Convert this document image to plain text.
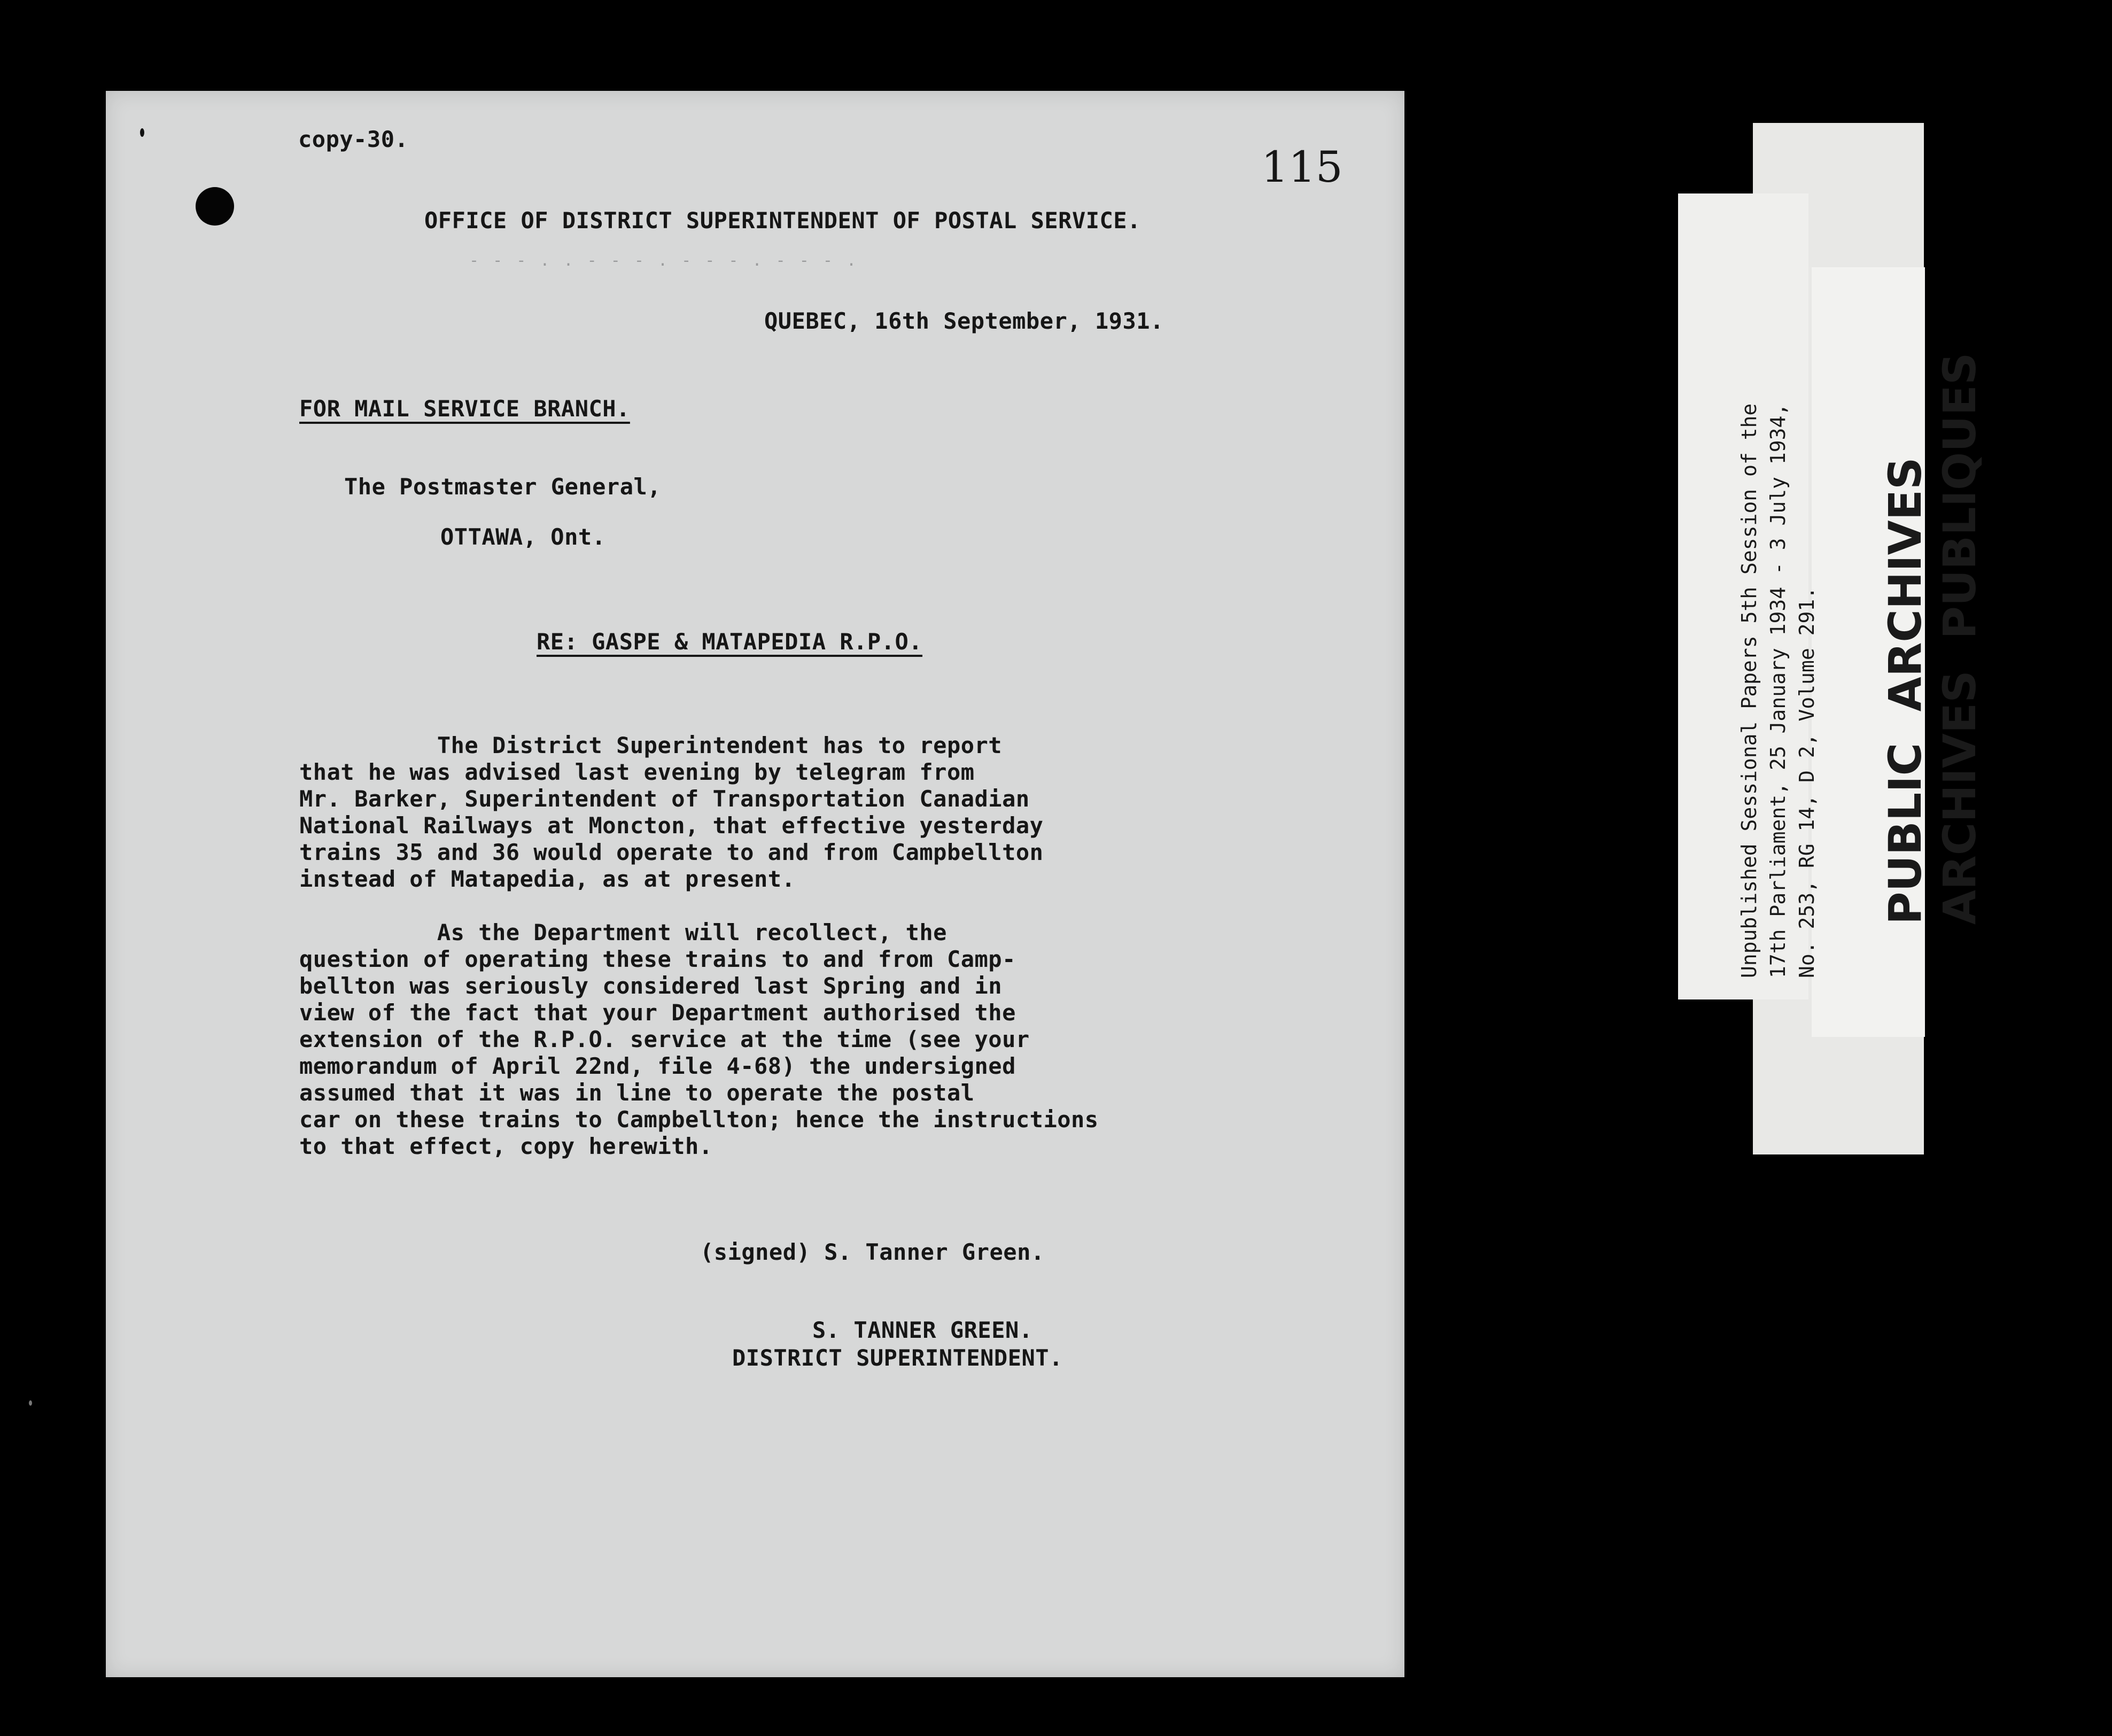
copy-30.
115
OFFICE OF DISTRICT SUPERINTENDENT OF POSTAL SERVICE.
- - - . . - - - . - - - . - - - .
QUEBEC, 16th September, 1931.
FOR MAIL SERVICE BRANCH.
The Postmaster General,
OTTAWA, Ont.
RE: GASPE & MATAPEDIA R.P.O.

The District Superintendent has to report
that he was advised last evening by telegram from
Mr. Barker, Superintendent of Transportation Canadian
National Railways at Moncton, that effective yesterday
trains 35 and 36 would operate to and from Campbellton
instead of Matapedia, as at present.

As the Department will recollect, the
question of operating these trains to and from Camp-
bellton was seriously considered last Spring and in
view of the fact that your Department authorised the
extension of the R.P.O. service at the time (see your
memorandum of April 22nd, file 4-68) the undersigned
assumed that it was in line to operate the postal
car on these trains to Campbellton; hence the instructions
to that effect, copy herewith.
(signed) S. Tanner Green.
S. TANNER GREEN.
DISTRICT SUPERINTENDENT.

Unpublished Sessional Papers 5th Session of the 17th Parliament, 25 January 1934 - 3 July 1934, No. 253, RG 14, D 2, Volume 291. PUBLIC  ARCHIVES ARCHIVES  PUBLIQUES
